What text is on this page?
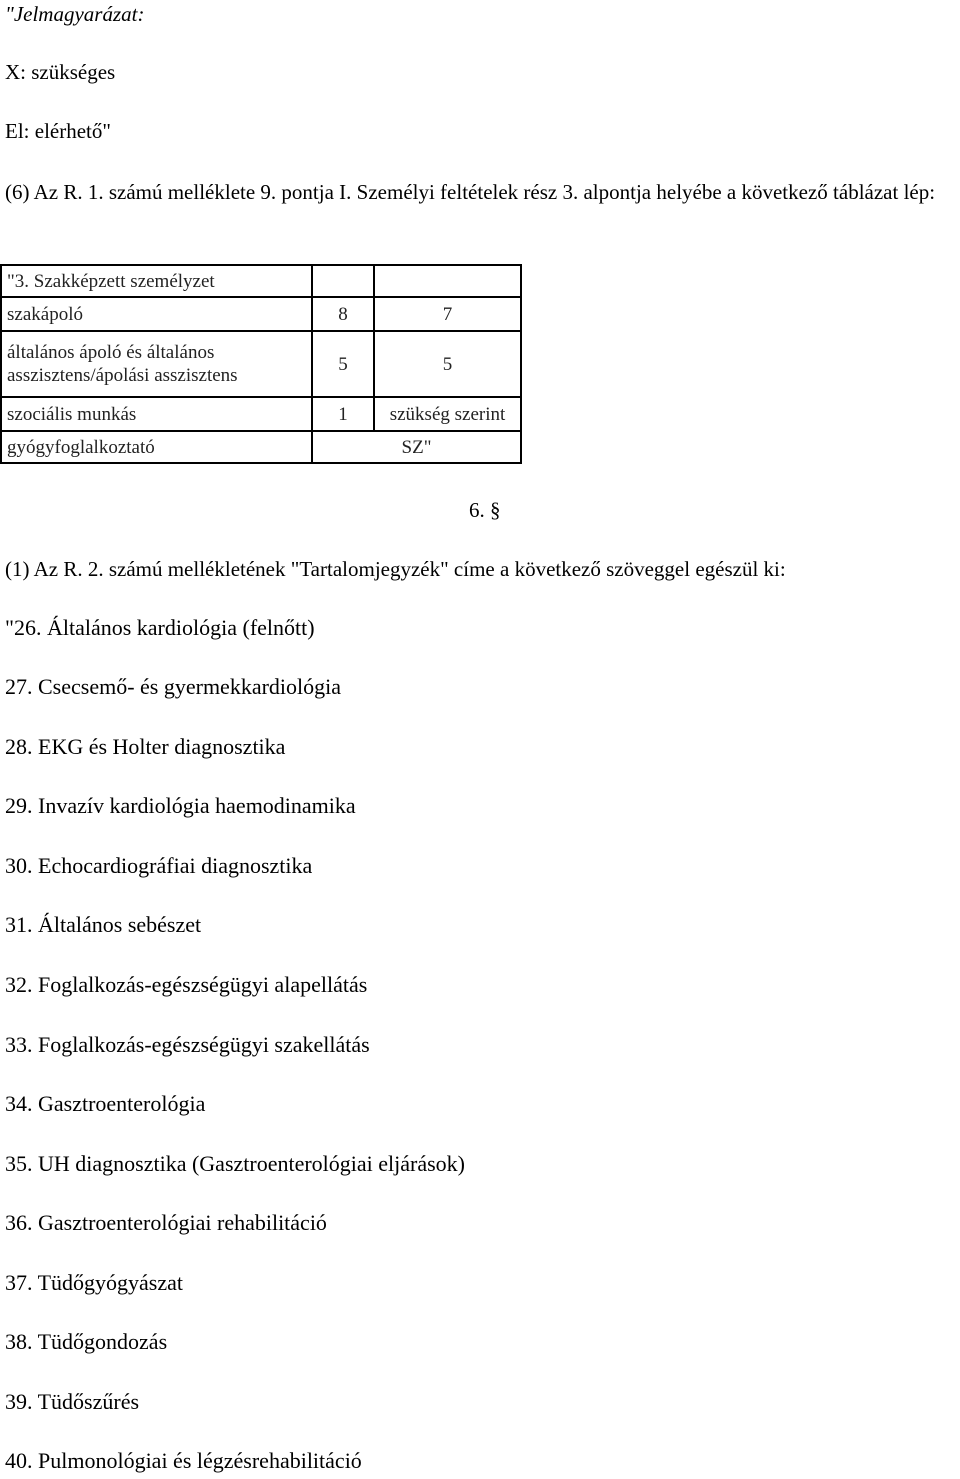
"Jelmagyarázat:
X: szükséges
El: elérhető"
(6) Az R. 1. számú melléklete 9. pontja I. Személyi feltételek rész 3. alpontja helyébe a következő táblázat lép:
"3. Szakképzett személyzet		
szakápoló	8	7
általános ápoló és általános asszisztens/ápolási asszisztens	5	5
szociális munkás	1	szükség szerint
gyógyfoglalkoztató	SZ"	
6. §
(1) Az R. 2. számú mellékletének "Tartalomjegyzék" címe a következő szöveggel egészül ki:
"26. Általános kardiológia (felnőtt)
27. Csecsemő- és gyermekkardiológia
28. EKG és Holter diagnosztika
29. Invazív kardiológia haemodinamika
30. Echocardiográfiai diagnosztika
31. Általános sebészet
32. Foglalkozás-egészségügyi alapellátás
33. Foglalkozás-egészségügyi szakellátás
34. Gasztroenterológia
35. UH diagnosztika (Gasztroenterológiai eljárások)
36. Gasztroenterológiai rehabilitáció
37. Tüdőgyógyászat
38. Tüdőgondozás
39. Tüdőszűrés
40. Pulmonológiai és légzésrehabilitáció
